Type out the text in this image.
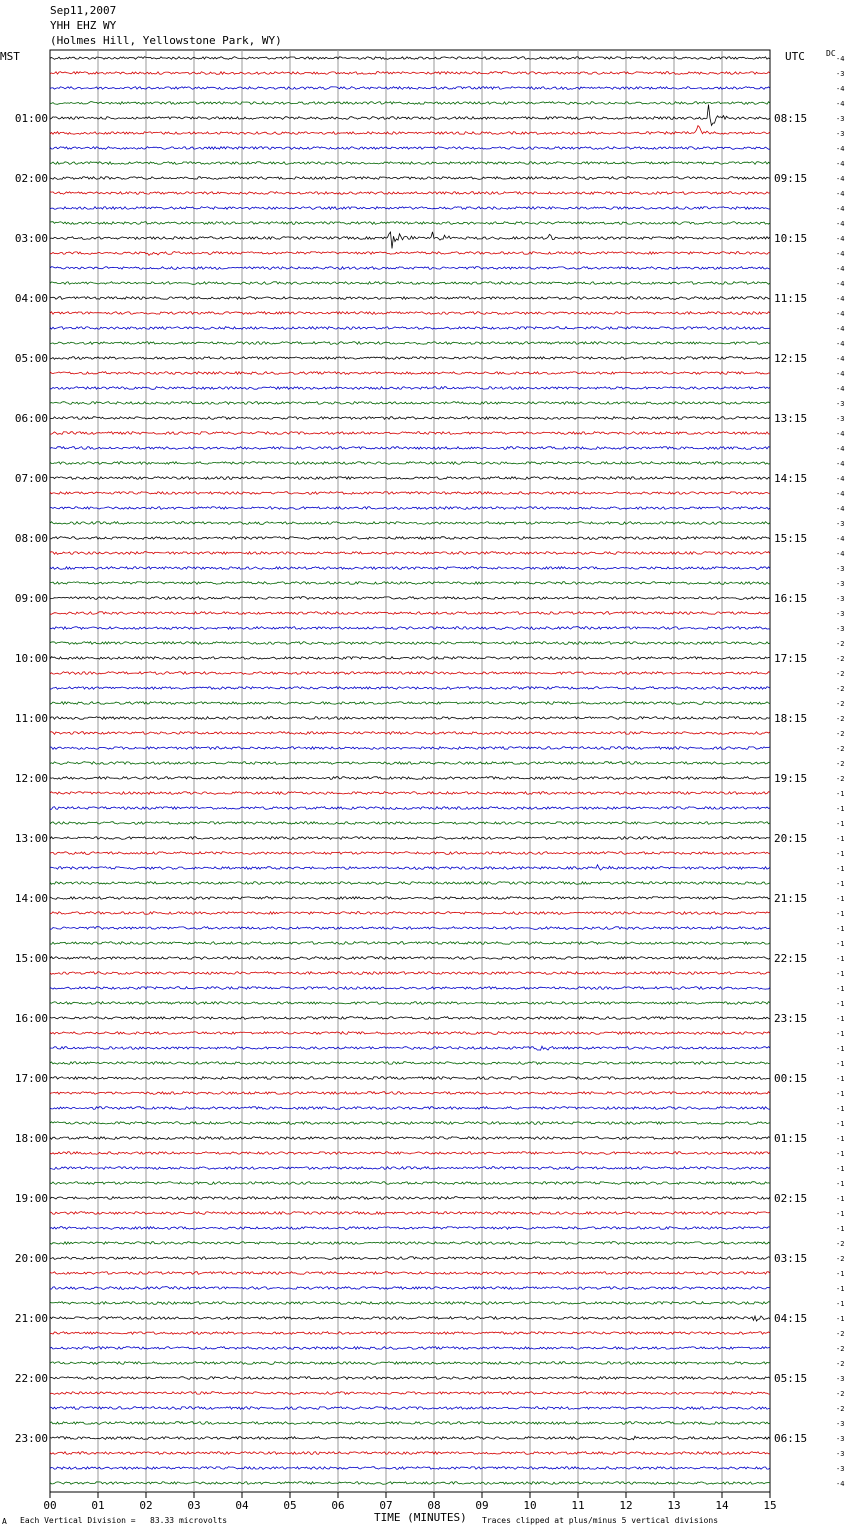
Sep11,2007
YHH EHZ WY
(Holmes Hill, Yellowstone Park, WY)
MST	UTC	DC
00	01	02	03	04	05	06	07	08	09	10	11	12	13	14	15
-4
-3
-4
-4
-3
-3
-4
-4
-4
-4
-4
-4
-4
-4
-4
-4
-4
-4
-4
-4
-4
-4
-4
-3
-3
-4
-4
-4
-4
-4
-4
-3
-4
-4
-3
-3
-3
-3
-3
-2
-2
-2
-2
-2
-2
-2
-2
-2
-2
-1
-1
-1
-1
-1
-1
-1
-1
-1
-1
-1
-1
-1
-1
-1
-1
-1
-1
-1
-1
-1
-1
-1
-1
-1
-1
-1
-1
-1
-1
-2
-2
-1
-1
-1
-1
-2
-2
-2
-3
-2
-2
-3
-3
-3
-3
-4
01:00
02:00
03:00
04:00
05:00
06:00
07:00
08:00
09:00
10:00
11:00
12:00
13:00
14:00
15:00
16:00
17:00
18:00
19:00
20:00
21:00
22:00
23:00
08:15
09:15
10:15
11:15
12:15
13:15
14:15
15:15
16:15
17:15
18:15
19:15
20:15
21:15
22:15
23:15
00:15
01:15
02:15
03:15
04:15
05:15
06:15
A Each Vertical Division =   83.33 microvolts	TIME (MINUTES) Traces clipped at plus/minus 5 vertical divisions
